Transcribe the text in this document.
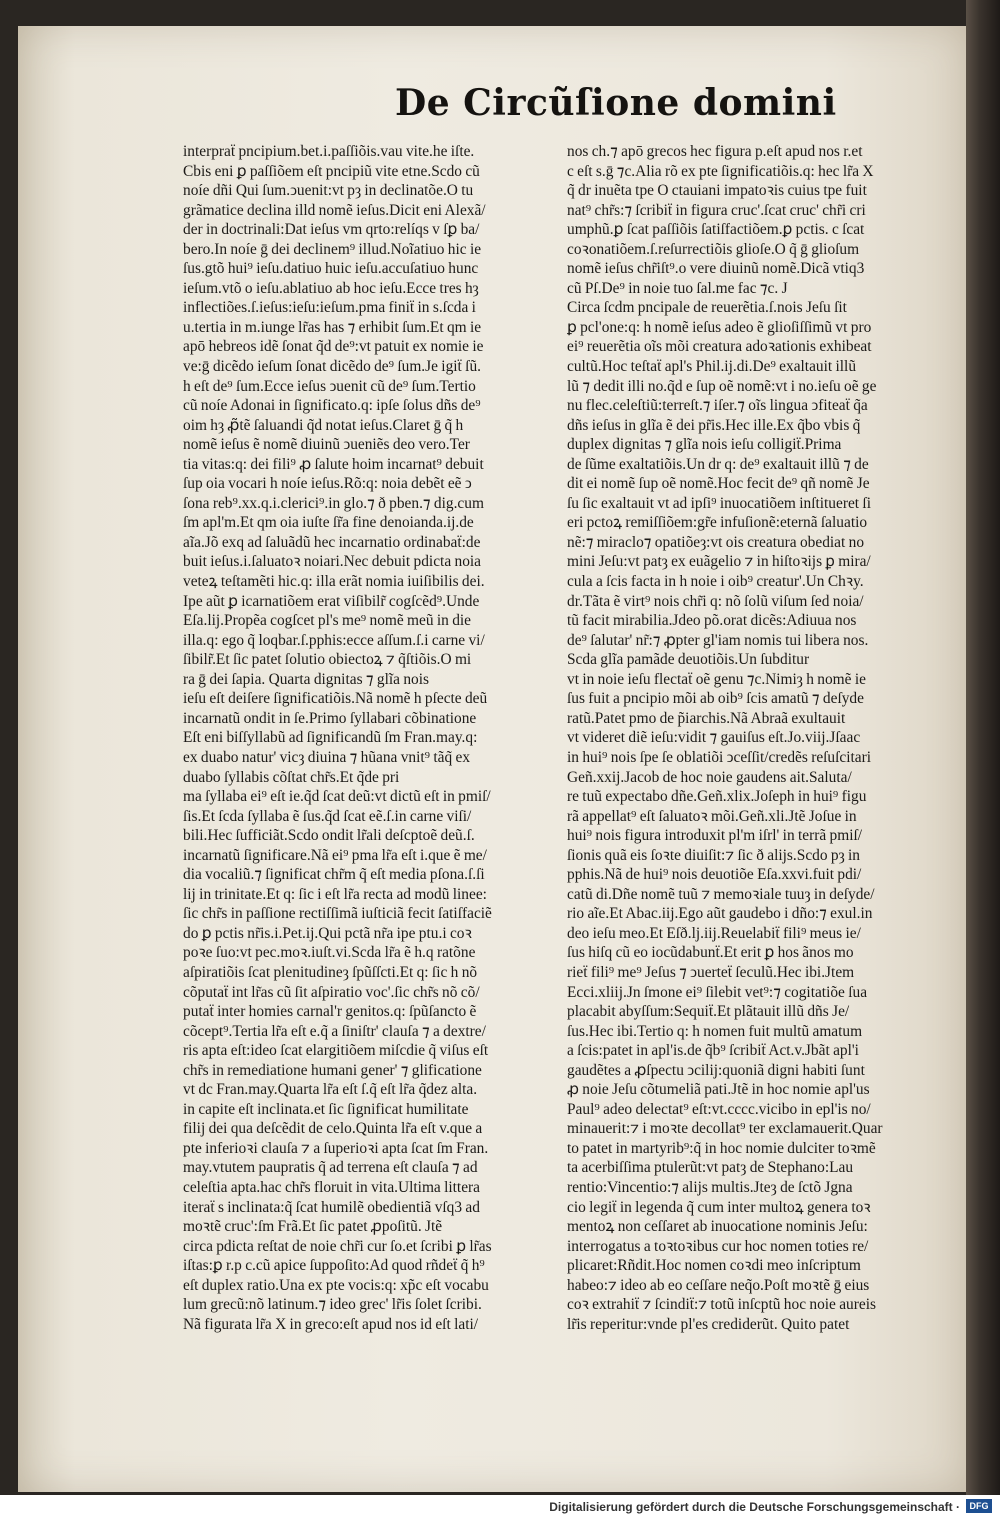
De Circũſione domini
interpraẗ pncipium.bet.i.paſſiõis.vau vite.he iſte.
Cbis eni ꝑ paſſiõem eſt pncipiũ vite etne.Scdo cũ
noíe dñi Qui ſum.ↄuenit:vt pȝ in declinatõe.O tu
grãmatice declina illd nomẽ ieſus.Dicit eni Alexã/
der in doctrinali:Dat ieſus vm qrto:relíqs v ſꝑ ba/
bero.In noíe ḡ dei declinem⁹ illud.Noĩatiuo hic ie
ſus.gtõ hui⁹ ieſu.datiuo huic ieſu.accuſatiuo hunc
ieſum.vtõ o ieſu.ablatiuo ab hoc ieſu.Ecce tres hȝ
inflectiões.ſ.ieſus:ieſu:ieſum.pma finiẗ in s.ſcda i
u.tertia in m.iunge lr̃as has ⁊ erhibit ſum.Et qm ie
apō hebreos idẽ ſonat q̃d de⁹:vt patuit ex nomie ie
ve:ḡ dicẽdo ieſum ſonat dicẽdo de⁹ ſum.Je igiẗ ſũ.
h eſt de⁹ ſum.Ecce ieſus ↄuenit cũ de⁹ ſum.Tertio
cũ noíe Adonai in ſignificato.q: ipſe ſolus dñs de⁹
oim hȝ ꝓ̃tẽ ſaluandi q̃d notat ieſus.Claret ḡ q̃ h
nomẽ ieſus ẽ nomẽ diuinũ ↄueniẽs deo vero.Ter
tia vitas:q: dei fili⁹ ꝓ ſalute hoim incarnat⁹ debuit
ſup oia vocari h noíe ieſus.Rõ:q: noia debẽt eẽ ↄ
ſona reb⁹.xx.q.i.clerici⁹.in glo.⁊ ð pben.⁊ dig.cum
ſm apl'm.Et qm oia iuſte ſr̃a fine denoianda.ij.de
aĩa.Jõ exq ad ſaluãdũ hec incarnatio ordinabaẗ:de
buit ieſus.i.ſaluatoꝛ noiari.Nec debuit pdicta noia
veteꝝ teſtamẽti hic.q: illa erãt nomia iuiſibilis dei.
Ipe aũt ꝑ icarnatiõem erat viſibilr̃ cogſcẽd⁹.Unde
Eſa.lij.Propẽa cogſcet pl's me⁹ nomẽ meũ in die
illa.q: ego q̃ loqbar.ſ.pphis:ecce aſſum.ſ.i carne vi/
ſibilr̃.Et ſic patet ſolutio obiectoꝝ ⁊ q̃ſtiõis.O mi
ra ḡ dei ſapia. Quarta dignitas ⁊ glĩa nois
ieſu eſt deiſere ſignificatiõis.Nã nomẽ h pſecte deũ
incarnatũ ondit in ſe.Primo ſyllabari cõbinatione
Eſt eni biſſyllabũ ad ſignificandũ ſm Fran.may.q:
ex duabo natur' vicȝ diuina ⁊ hũana vnit⁹ tãq̃ ex
duabo ſyllabis cõſtat chr̃s.Et q̃de pri
ma ſyllaba ei⁹ eſt ie.q̃d ſcat deũ:vt dictũ eſt in pmiſ/
ſis.Et ſcda ſyllaba ẽ ſus.q̃d ſcat eẽ.ſ.in carne viſi/
bili.Hec ſufficiãt.Scdo ondit lr̃ali deſcptoẽ deũ.ſ.
incarnatũ ſignificare.Nã ei⁹ pma lr̃a eſt i.que ẽ me/
dia vocaliũ.⁊ ſignificat chr̃m q̃ eſt media pſona.ſ.ſi
lij in trinitate.Et q: ſic i eſt lr̃a recta ad modũ linee:
ſic chr̃s in paſſione rectiſſimã iuſticiã fecit ſatiſfaciẽ
do ꝑ pctis nr̃is.i.Pet.ij.Qui pctã nr̃a ipe ptu.i coꝛ
poꝛe ſuo:vt pec.moꝛ.iuſt.vi.Scda lr̃a ẽ h.q ratõne
aſpiratiõis ſcat plenitudineȝ ſpũſſcti.Et q: ſic h nõ
cõputaẗ int lr̃as cũ ſit aſpiratio voc'.ſic chr̃s nõ cõ/
putaẗ inter homies carnal'r genitos.q: ſpũſancto ẽ
cõcept⁹.Tertia lr̃a eſt e.q̃ a ſiniſtr' clauſa ⁊ a dextre/
ris apta eſt:ideo ſcat elargitiõem miſcdie q̃ viſus eſt
chr̃s in remediatione humani gener' ⁊ glificatione
vt dc Fran.may.Quarta lr̃a eſt ſ.q̃ eſt lr̃a q̃dez alta.
in capite eſt inclinata.et ſic ſignificat humilitate
filij dei qua deſcẽdit de celo.Quinta lr̃a eſt v.que a
pte inferioꝛi clauſa ⁊ a ſuperioꝛi apta ſcat ſm Fran.
may.vtutem paupratis q̃ ad terrena eſt clauſa ⁊ ad
celeſtia apta.hac chr̃s floruit in vita.Ultima littera
iteraẗ s inclinata:q̃ ſcat humilẽ obedientiã vſq3 ad
moꝛtẽ cruc':ſm Frã.Et ſic patet ꝓpoſitũ. Jtẽ
circa pdicta reſtat de noie chr̃i cur ſo.et ſcribi ꝑ lr̃as
iſtas:ꝑ r.p c.cũ apice ſuppoſito:Ad quod rñdeẗ q̃ h⁹
eſt duplex ratio.Una ex pte vocis:q: xp̃c eſt vocabu
lum grecũ:nõ latinum.⁊ ideo grec' lr̃is ſolet ſcribi.
Nã figurata lr̃a X in greco:eſt apud nos id eſt lati/
nos ch.⁊ apō grecos hec figura p.eſt apud nos r.et
c eſt s.ḡ ⁊c.Alia rõ ex pte ſignificatiõis.q: hec lr̃a X
q̃ dr inuẽta tpe O ctauiani impatoꝛis cuius tpe fuit
nat⁹ chr̃s:⁊ ſcribiẗ in figura cruc'.ſcat cruc' chr̃i cri
umphũ.ꝑ ſcat paſſiõis ſatiſfactiõem.ꝑ pctis. c ſcat
coꝛonatiõem.ſ.reſurrectiõis glioſe.O q̃ ḡ glioſum
nomẽ ieſus chr̃iſt⁹.o vere diuinũ nomẽ.Dicã vtiq3
cũ Pſ.De⁹ in noie tuo ſal.me fac ⁊c. J
Circa ſcdm pncipale de reuerẽtia.ſ.nois Jeſu ſit
ꝑ pcl'one:q: h nomẽ ieſus adeo ẽ glioſiſſimũ vt pro
ei⁹ reuerẽtia oĩs mõi creatura adoꝛationis exhibeat
cultũ.Hoc teſtaẗ apl's Phil.ij.di.De⁹ exaltauit illũ
lũ ⁊ dedit illi no.q̃d e ſup oẽ nomẽ:vt i no.ieſu oẽ ge
nu flec.celeſtiũ:terreſt.⁊ iſer.⁊ oĩs lingua ↄfiteaẗ q̃a
dñs ieſus in glĩa ẽ dei pr̃is.Hec ille.Ex q̃bo vbis q̃
duplex dignitas ⁊ glĩa nois ieſu colligiẗ.Prima
de ſũme exaltatiõis.Un dr q: de⁹ exaltauit illũ ⁊ de
dit ei nomẽ ſup oẽ nomẽ.Hoc fecit de⁹ qñ nomẽ Je
ſu ſic exaltauit vt ad ipſi⁹ inuocatiõem inſtitueret ſi
eri pctoꝝ remiſſiõem:gr̃e infuſionẽ:eternã ſaluatio
nẽ:⁊ miraclo⁊ opatiõeȝ:vt ois creatura obediat no
mini Jeſu:vt patȝ ex euãgelio ⁊ in hiſtoꝛijs ꝑ mira/
cula a ſcis facta in h noie i oib⁹ creatur'.Un Chꝛy.
dr.Tãta ẽ virt⁹ nois chr̃i q: nõ ſolũ viſum ſed noia/
tũ facit mirabilia.Jdeo põ.orat dicẽs:Adiuua nos
de⁹ ſalutar' nr̃:⁊ ꝓpter gl'iam nomis tui libera nos.
Scda glĩa pamãde deuotiõis.Un ſubditur
vt in noie ieſu flectaẗ oẽ genu ⁊c.Nimiȝ h nomẽ ie
ſus fuit a pncipio mõi ab oib⁹ ſcis amatũ ⁊ deſyde
ratũ.Patet pmo de p̃iarchis.Nã Abraã exultauit
vt videret diẽ ieſu:vidit ⁊ gauiſus eſt.Jo.viij.Jſaac
in hui⁹ nois ſpe ſe oblatiõi ↄceſſit/credẽs reſuſcitari
Geñ.xxij.Jacob de hoc noie gaudens ait.Saluta/
re tuũ expectabo dñe.Geñ.xlix.Joſeph in hui⁹ figu
rã appellat⁹ eſt ſaluatoꝛ mõi.Geñ.xli.Jtẽ Joſue in
hui⁹ nois figura introduxit pl'm iſrl' in terrã pmiſ/
ſionis quã eis ſoꝛte diuiſit:⁊ ſic ð alijs.Scdo pȝ in
pphis.Nã de hui⁹ nois deuotiõe Eſa.xxvi.fuit pdi/
catũ di.Dñe nomẽ tuũ ⁊ memoꝛiale tuuȝ in deſyde/
rio aĩe.Et Abac.iij.Ego aũt gaudebo i dño:⁊ exul.in
deo ieſu meo.Et Eſð.lj.iij.Reuelabiẗ fili⁹ meus ie/
ſus hiſq cũ eo iocũdabunẗ.Et erit ꝑ hos ãnos mo
rieẗ fili⁹ me⁹ Jeſus ⁊ ↄuerteẗ ſeculũ.Hec ibi.Jtem
Ecci.xliij.Jn ſmone ei⁹ ſilebit vet⁹:⁊ cogitatiõe ſua
placabit abyſſum:Sequiẗ.Et plãtauit illũ dñs Je/
ſus.Hec ibi.Tertio q: h nomen fuit multũ amatum
a ſcis:patet in apl'is.de q̃b⁹ ſcribiẗ Act.v.Jbãt apl'i
gaudẽtes a ꝓſpectu ↄcilij:quoniã digni habiti ſunt
ꝓ noie Jeſu cõtumeliã pati.Jtẽ in hoc nomie apl'us
Paul⁹ adeo delectat⁹ eſt:vt.cccc.vicibo in epl'is no/
minauerit:⁊ i moꝛte decollat⁹ ter exclamauerit.Quar
to patet in martyrib⁹:q̃ in hoc nomie dulciter toꝛmẽ
ta acerbiſſima ptulerũt:vt patȝ de Stephano:Lau
rentio:Vincentio:⁊ alijs multis.Jteȝ de ſctõ Jgna
cio legiẗ in legenda q̃ cum inter multoꝝ genera toꝛ
mentoꝝ non ceſſaret ab inuocatione nominis Jeſu:
interrogatus a toꝛtoꝛibus cur hoc nomen toties re/
plicaret:Rñdit.Hoc nomen coꝛdi meo inſcriptum
habeo:⁊ ideo ab eo ceſſare neq̃o.Poſt moꝛtẽ ḡ eius
coꝛ extrahiẗ ⁊ ſcindiẗ:⁊ totũ inſcptũ hoc noie aureis
lr̃is reperitur:vnde pl'es crediderũt. Quito patet
Digitalisierung gefördert durch die Deutsche Forschungsgemeinschaft ·	DFG
